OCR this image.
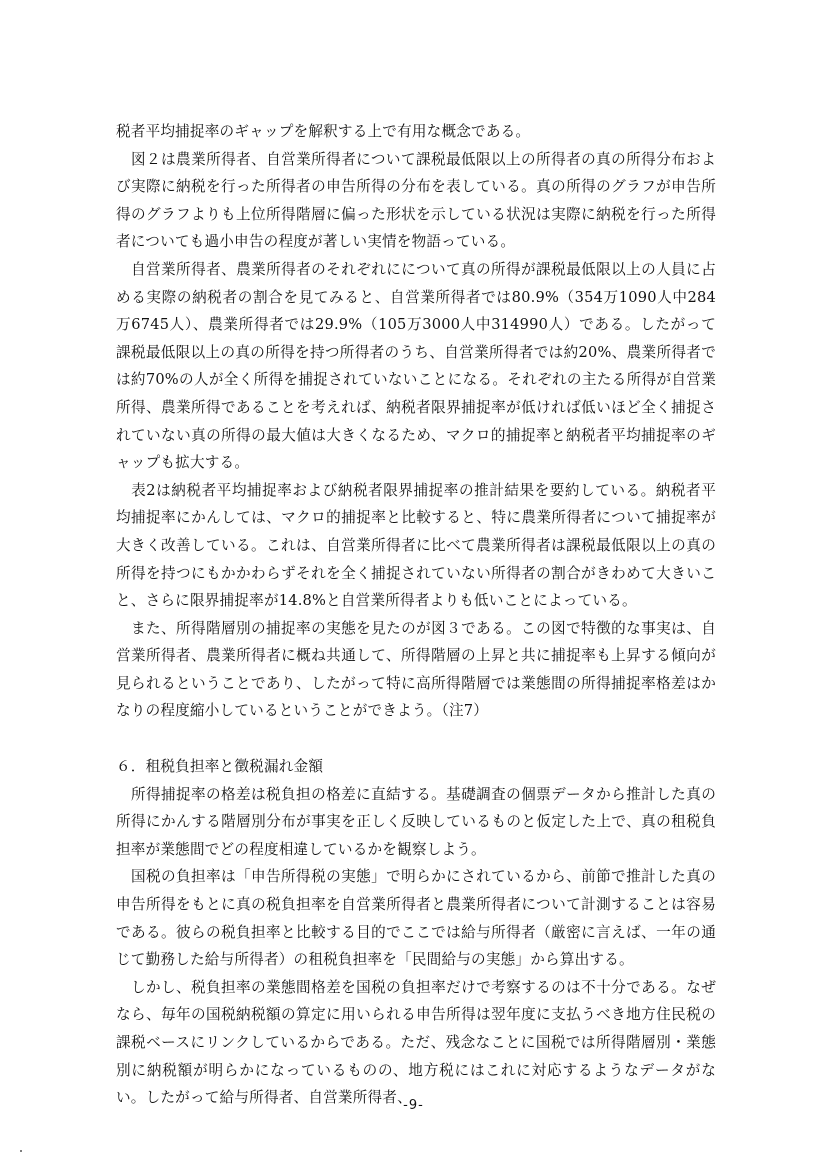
税者平均捕捉率のギャップを解釈する上で有用な概念である。

　図２は農業所得者、自営業所得者について課税最低限以上の所得者の真の所得分布および実際に納税を行った所得者の申告所得の分布を表している。真の所得のグラフが申告所得のグラフよりも上位所得階層に偏った形状を示している状況は実際に納税を行った所得者についても過小申告の程度が著しい実情を物語っている。

　自営業所得者、農業所得者のそれぞれにについて真の所得が課税最低限以上の人員に占める実際の納税者の割合を見てみると、自営業所得者では80.9%（354万1090人中284万6745人）、農業所得者では29.9%（105万3000人中314990人）である。したがって課税最低限以上の真の所得を持つ所得者のうち、自営業所得者では約20%、農業所得者では約70%の人が全く所得を捕捉されていないことになる。それぞれの主たる所得が自営業所得、農業所得であることを考えれば、納税者限界捕捉率が低ければ低いほど全く捕捉されていない真の所得の最大値は大きくなるため、マクロ的捕捉率と納税者平均捕捉率のギャップも拡大する。

　表2は納税者平均捕捉率および納税者限界捕捉率の推計結果を要約している。納税者平均捕捉率にかんしては、マクロ的捕捉率と比較すると、特に農業所得者について捕捉率が大きく改善している。これは、自営業所得者に比べて農業所得者は課税最低限以上の真の所得を持つにもかかわらずそれを全く捕捉されていない所得者の割合がきわめて大きいこと、さらに限界捕捉率が14.8%と自営業所得者よりも低いことによっている。

　また、所得階層別の捕捉率の実態を見たのが図３である。この図で特徴的な事実は、自営業所得者、農業所得者に概ね共通して、所得階層の上昇と共に捕捉率も上昇する傾向が見られるということであり、したがって特に高所得階層では業態間の所得捕捉率格差はかなりの程度縮小しているということができよう。（注7）

６．租税負担率と徴税漏れ金額

　所得捕捉率の格差は税負担の格差に直結する。基礎調査の個票データから推計した真の所得にかんする階層別分布が事実を正しく反映しているものと仮定した上で、真の租税負担率が業態間でどの程度相違しているかを観察しよう。

　国税の負担率は「申告所得税の実態」で明らかにされているから、前節で推計した真の申告所得をもとに真の税負担率を自営業所得者と農業所得者について計測することは容易である。彼らの税負担率と比較する目的でここでは給与所得者（厳密に言えば、一年の通じて勤務した給与所得者）の租税負担率を「民間給与の実態」から算出する。

　しかし、税負担率の業態間格差を国税の負担率だけで考察するのは不十分である。なぜなら、毎年の国税納税額の算定に用いられる申告所得は翌年度に支払うべき地方住民税の課税ベースにリンクしているからである。ただ、残念なことに国税では所得階層別・業態別に納税額が明らかになっているものの、地方税にはこれに対応するようなデータがない。したがって給与所得者、自営業所得者、

-9-
